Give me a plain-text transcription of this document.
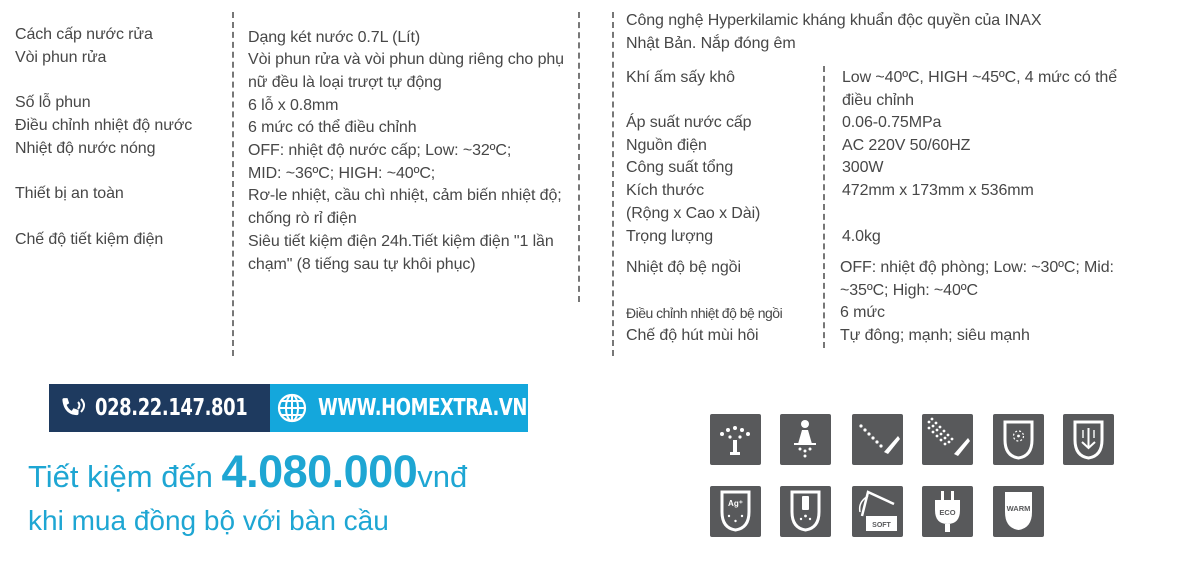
Cách cấp nước rửa
Vòi phun rửa
Số lỗ phun
Điều chỉnh nhiệt độ nước
Nhiệt độ nước nóng
Thiết bị an toàn
Chế độ tiết kiệm điện
Dạng két nước 0.7L (Lít)
Vòi phun rửa và vòi phun dùng riêng cho phụ nữ đều là loại trượt tự động
6 lỗ x 0.8mm
6 mức có thể điều chỉnh
OFF: nhiệt độ nước cấp; Low: ~32ºC; MID: ~36ºC; HIGH: ~40ºC;
Rơ-le nhiệt, cầu chì nhiệt, cảm biến nhiệt độ; chống rò rỉ điện
Siêu tiết kiệm điện 24h.Tiết kiệm điện "1 lần chạm" (8 tiếng sau tự khôi phục)
Công nghệ Hyperkilamic kháng khuẩn độc quyền của INAX Nhật Bản. Nắp đóng êm
Khí ấm sấy khô
Áp suất nước cấp
Nguồn điện
Công suất tổng
Kích thước
(Rộng x Cao x Dài)
Trọng lượng
Nhiệt độ bệ ngồi
Điều chỉnh nhiệt độ bệ ngồi
Chế độ hút mùi hôi
Low ~40ºC, HIGH ~45ºC, 4 mức có thể điều chỉnh
0.06-0.75MPa
AC 220V 50/60HZ
300W
472mm x 173mm x 536mm
4.0kg
OFF: nhiệt độ phòng; Low: ~30ºC; Mid: ~35ºC; High: ~40ºC
6 mức
Tự đông; mạnh; siêu mạnh
028.22.147.801	WWW.HOMEXTRA.VN
Tiết kiệm đến 4.080.000vnđ
khi mua đồng bộ với bàn cầu
Ag⁺
SOFT
ECO	WARM
